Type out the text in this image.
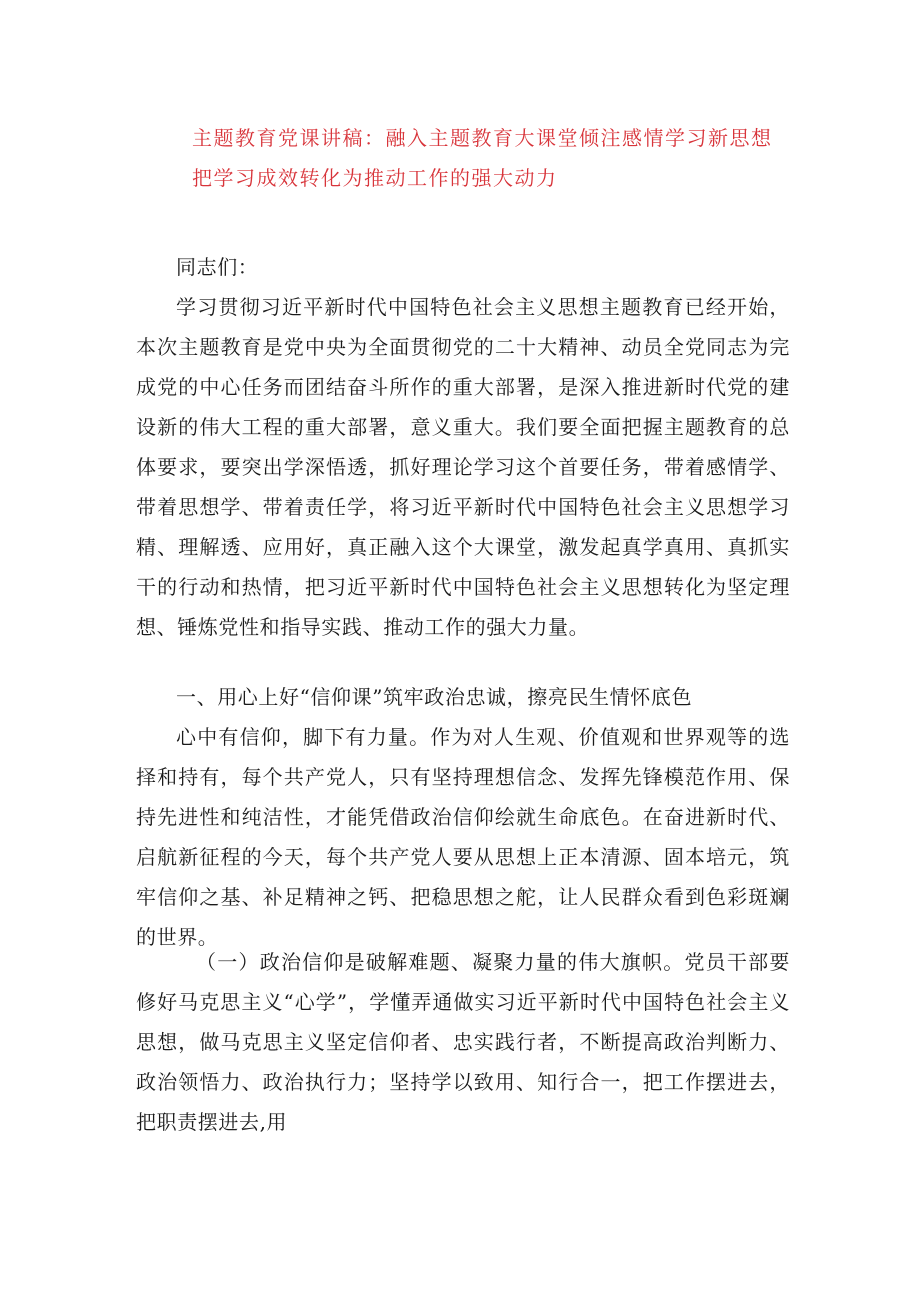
主题教育党课讲稿：融入主题教育大课堂倾注感情学习新思想把学习成效转化为推动工作的强大动力
同志们：
学习贯彻习近平新时代中国特色社会主义思想主题教育已经开始，本次主题教育是党中央为全面贯彻党的二十大精神、动员全党同志为完成党的中心任务而团结奋斗所作的重大部署，是深入推进新时代党的建设新的伟大工程的重大部署，意义重大。我们要全面把握主题教育的总体要求，要突出学深悟透，抓好理论学习这个首要任务，带着感情学、带着思想学、带着责任学，将习近平新时代中国特色社会主义思想学习精、理解透、应用好，真正融入这个大课堂，激发起真学真用、真抓实干的行动和热情，把习近平新时代中国特色社会主义思想转化为坚定理想、锤炼党性和指导实践、推动工作的强大力量。
一、用心上好“信仰课”筑牢政治忠诚，擦亮民生情怀底色
心中有信仰，脚下有力量。作为对人生观、价值观和世界观等的选择和持有，每个共产党人，只有坚持理想信念、发挥先锋模范作用、保持先进性和纯洁性，才能凭借政治信仰绘就生命底色。在奋进新时代、启航新征程的今天，每个共产党人要从思想上正本清源、固本培元，筑牢信仰之基、补足精神之钙、把稳思想之舵，让人民群众看到色彩斑斓的世界。
（一）政治信仰是破解难题、凝聚力量的伟大旗帜。党员干部要修好马克思主义“心学”，学懂弄通做实习近平新时代中国特色社会主义思想，做马克思主义坚定信仰者、忠实践行者，不断提高政治判断力、政治领悟力、政治执行力；坚持学以致用、知行合一，把工作摆进去，把职责摆进去,用
